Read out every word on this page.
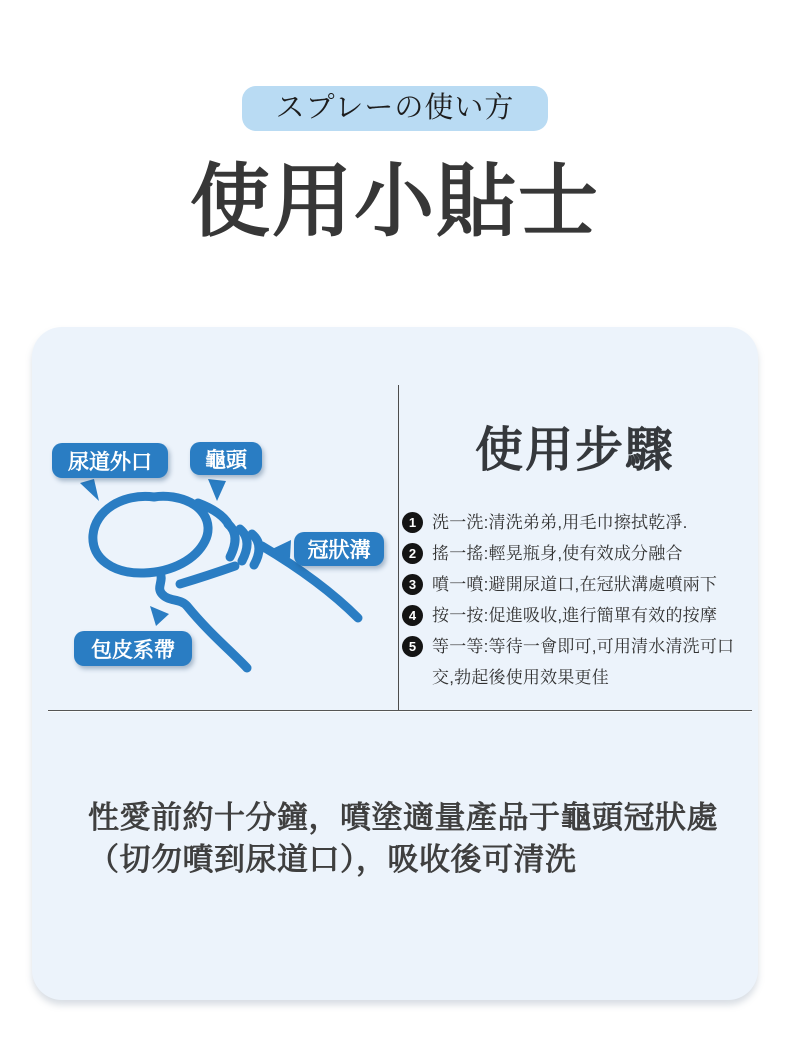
スプレーの使い方
使用小貼士
尿道外口	龜頭
冠狀溝
包皮系帶
使用步驟
1 洗一洗:清洗弟弟,用毛巾擦拭乾凈.
2 搖一搖:輕晃瓶身,使有效成分融合
3 噴一噴:避開尿道口,在冠狀溝處噴兩下
4 按一按:促進吸收,進行簡單有效的按摩
5 等一等:等待一會即可,可用清水清洗可口交,勃起後使用效果更佳

性愛前約十分鐘，噴塗適量產品于龜頭冠狀處
（切勿噴到尿道口），吸收後可清洗
